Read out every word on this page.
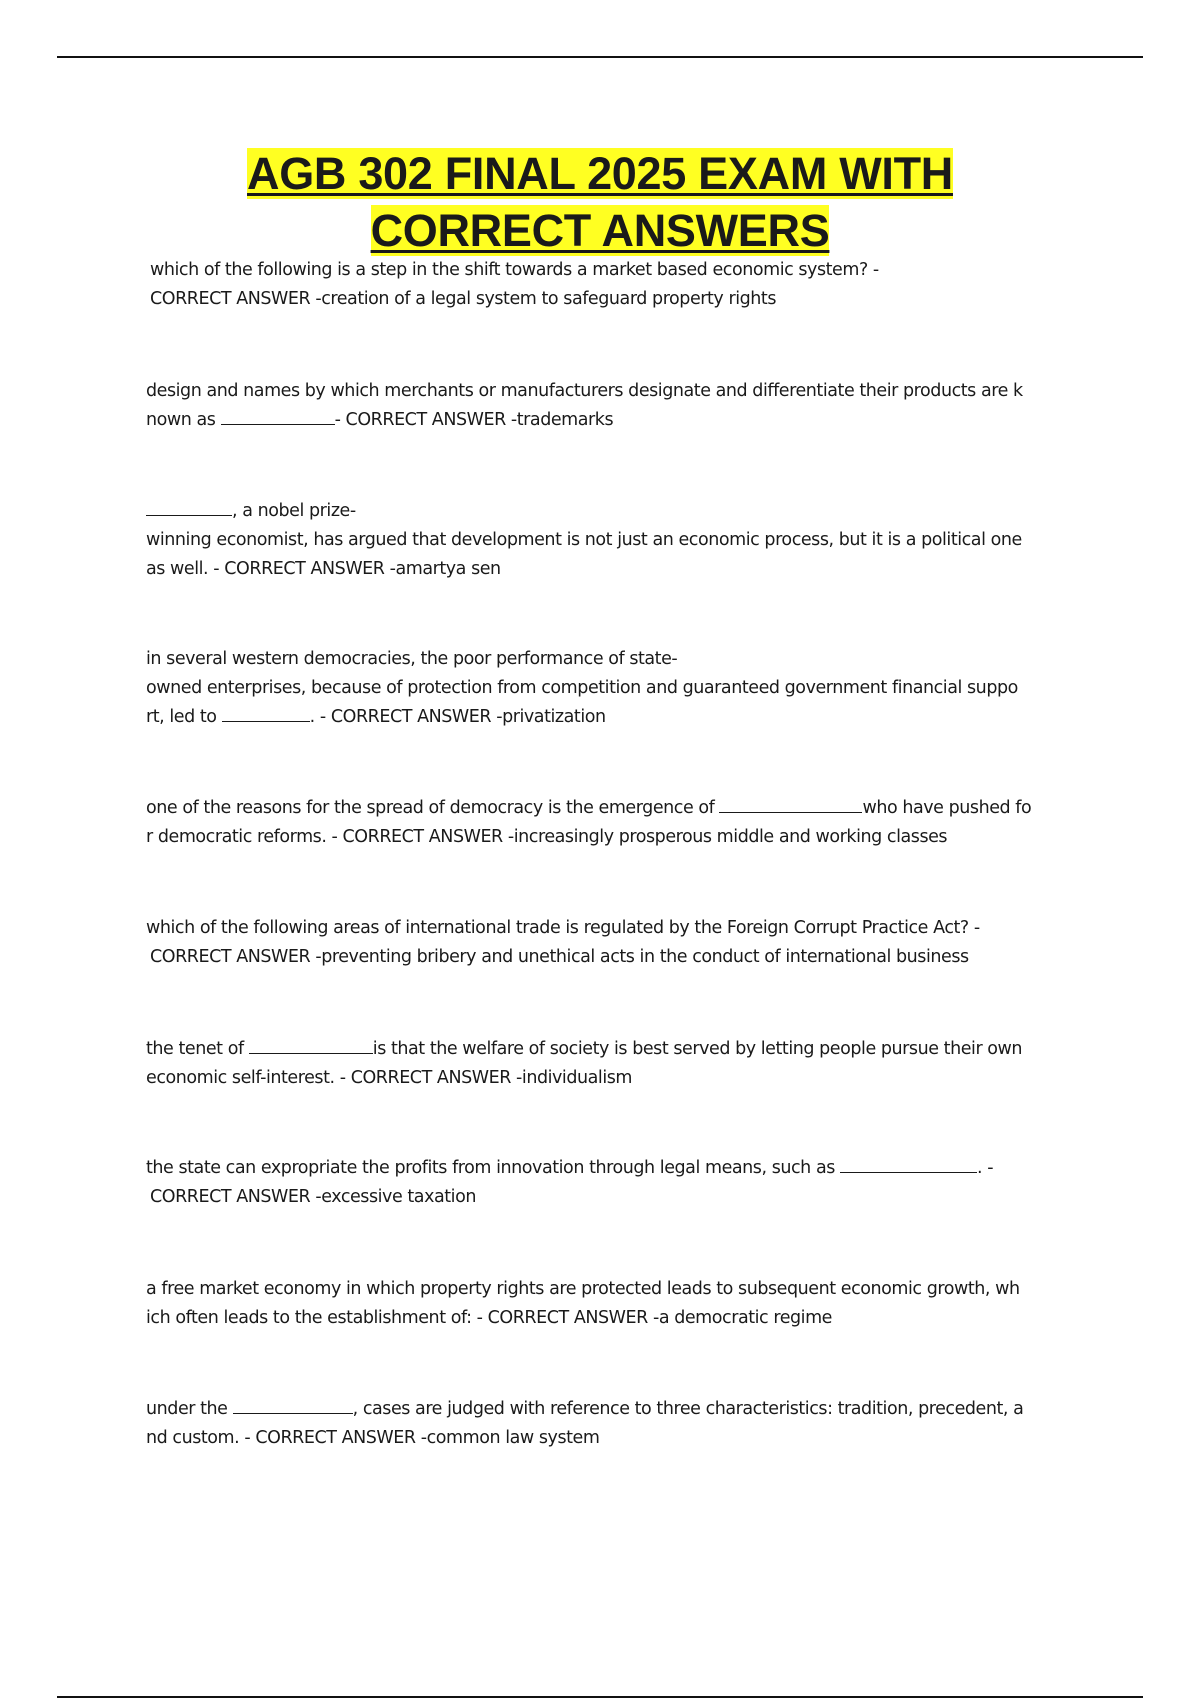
AGB 302 FINAL 2025 EXAM WITH
CORRECT ANSWERS
which of the following is a step in the shift towards a market based economic system? -
CORRECT ANSWER -creation of a legal system to safeguard property rights
design and names by which merchants or manufacturers designate and differentiate their products are k
nown as	- CORRECT ANSWER -trademarks
, a nobel prize-
winning economist, has argued that development is not just an economic process, but it is a political one
as well. - CORRECT ANSWER -amartya sen
in several western democracies, the poor performance of state-
owned enterprises, because of protection from competition and guaranteed government financial suppo
rt, led to	. - CORRECT ANSWER -privatization
one of the reasons for the spread of democracy is the emergence of	who have pushed fo
r democratic reforms. - CORRECT ANSWER -increasingly prosperous middle and working classes
which of the following areas of international trade is regulated by the Foreign Corrupt Practice Act? -
CORRECT ANSWER -preventing bribery and unethical acts in the conduct of international business
the tenet of	is that the welfare of society is best served by letting people pursue their own
economic self-interest. - CORRECT ANSWER -individualism
the state can expropriate the profits from innovation through legal means, such as	. -
CORRECT ANSWER -excessive taxation
a free market economy in which property rights are protected leads to subsequent economic growth, wh
ich often leads to the establishment of: - CORRECT ANSWER -a democratic regime
under the	, cases are judged with reference to three characteristics: tradition, precedent, a
nd custom. - CORRECT ANSWER -common law system
